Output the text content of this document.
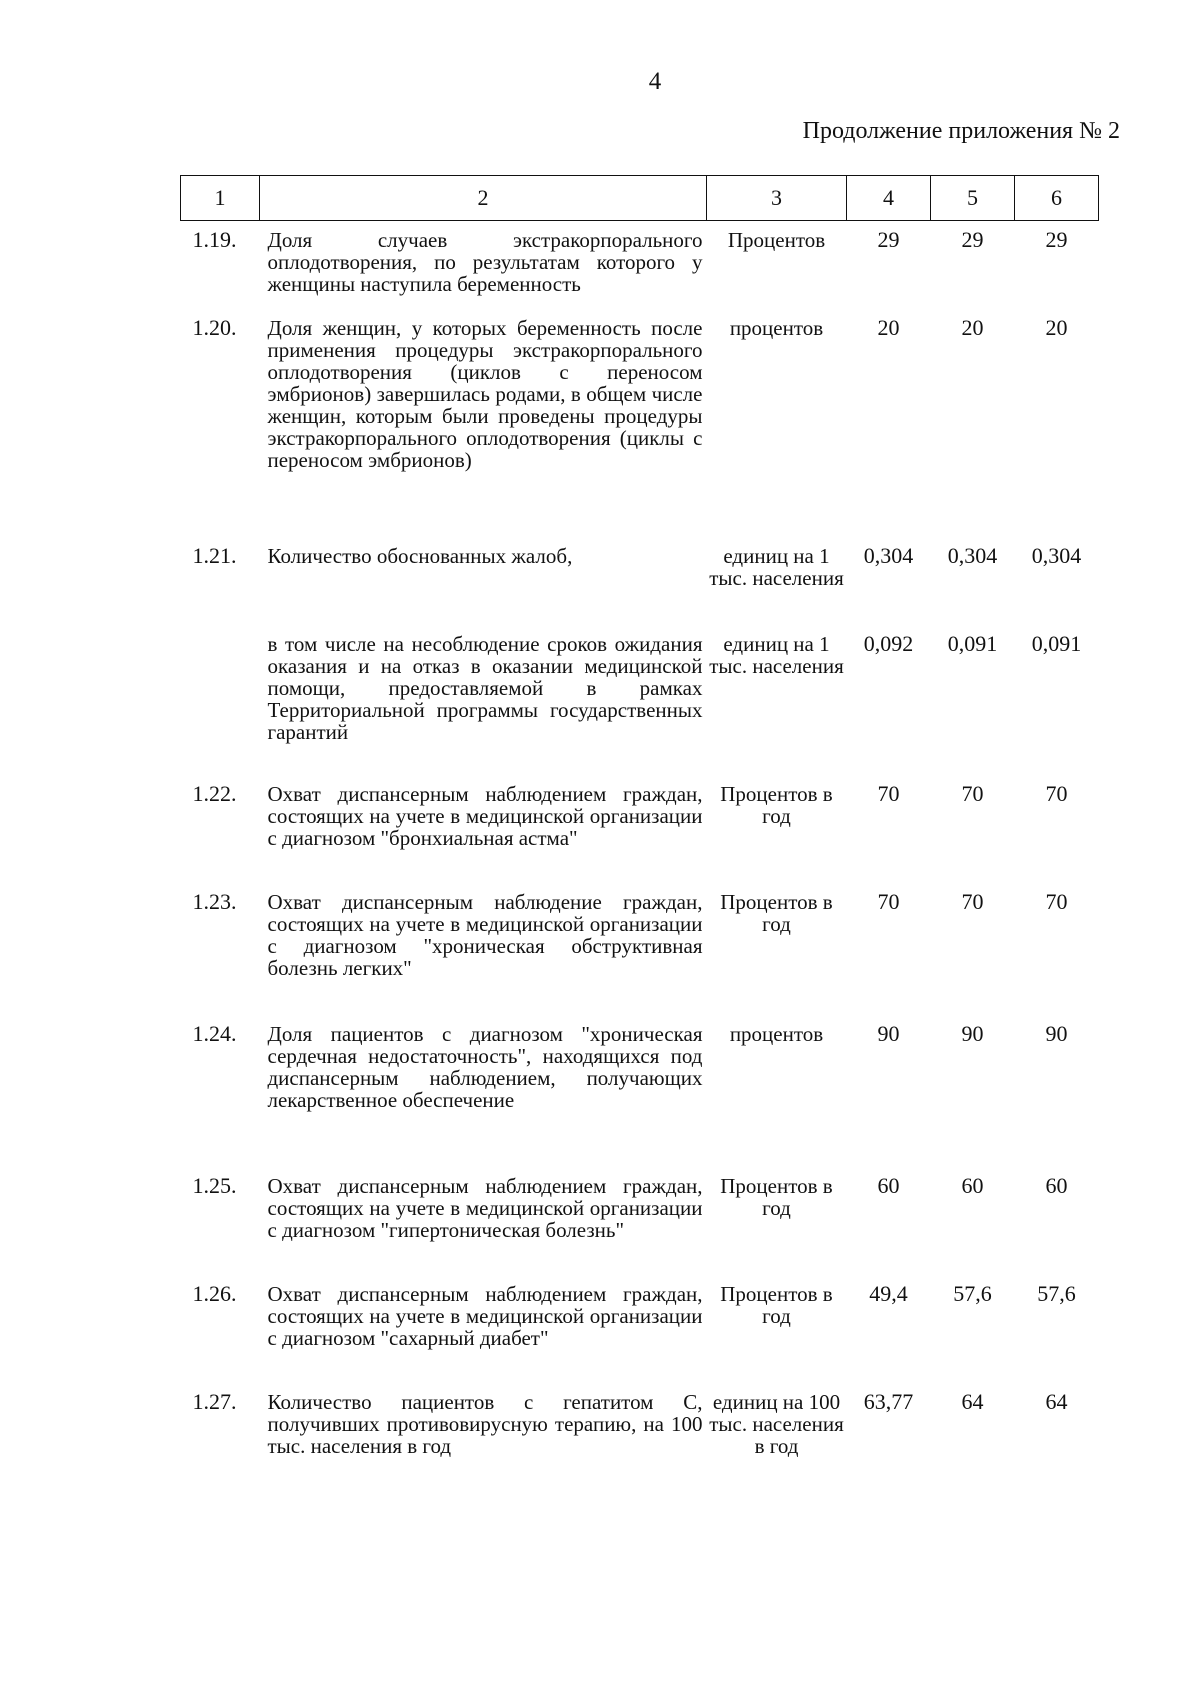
4
Продолжение приложения № 2
1	2	3	4	5	6
1.19.	Доля случаев экстракорпорального оплодотворения, по результатам которого у женщины наступила беременность	Процентов	29	29	29
1.20.	Доля женщин, у которых беременность после применения процедуры экстракорпорального оплодотворения (циклов с переносом эмбрионов) завершилась родами, в общем числе женщин, которым были проведены процедуры экстракорпорального оплодотворения (циклы с переносом эмбрионов)	процентов	20	20	20
1.21.	Количество обоснованных жалоб,	единиц на 1 тыс. населения	0,304	0,304	0,304
	в том числе на несоблюдение сроков ожидания оказания и на отказ в оказании медицинской помощи, предоставляемой в рамках Территориальной программы государственных гарантий	единиц на 1 тыс. населения	0,092	0,091	0,091
1.22.	Охват диспансерным наблюдением граждан, состоящих на учете в медицинской организации с диагнозом "бронхиальная астма"	Процентов в год	70	70	70
1.23.	Охват диспансерным наблюдение граждан, состоящих на учете в медицинской организации с диагнозом "хроническая обструктивная болезнь легких"	Процентов в год	70	70	70
1.24.	Доля пациентов с диагнозом "хроническая сердечная недостаточность", находящихся под диспансерным наблюдением, получающих лекарственное обеспечение	процентов	90	90	90
1.25.	Охват диспансерным наблюдением граждан, состоящих на учете в медицинской организации с диагнозом "гипертоническая болезнь"	Процентов в год	60	60	60
1.26.	Охват диспансерным наблюдением граждан, состоящих на учете в медицинской организации с диагнозом "сахарный диабет"	Процентов в год	49,4	57,6	57,6
1.27.	Количество пациентов с гепатитом С, получивших противовирусную терапию, на 100 тыс. населения в год	единиц на 100 тыс. населения в год	63,77	64	64
